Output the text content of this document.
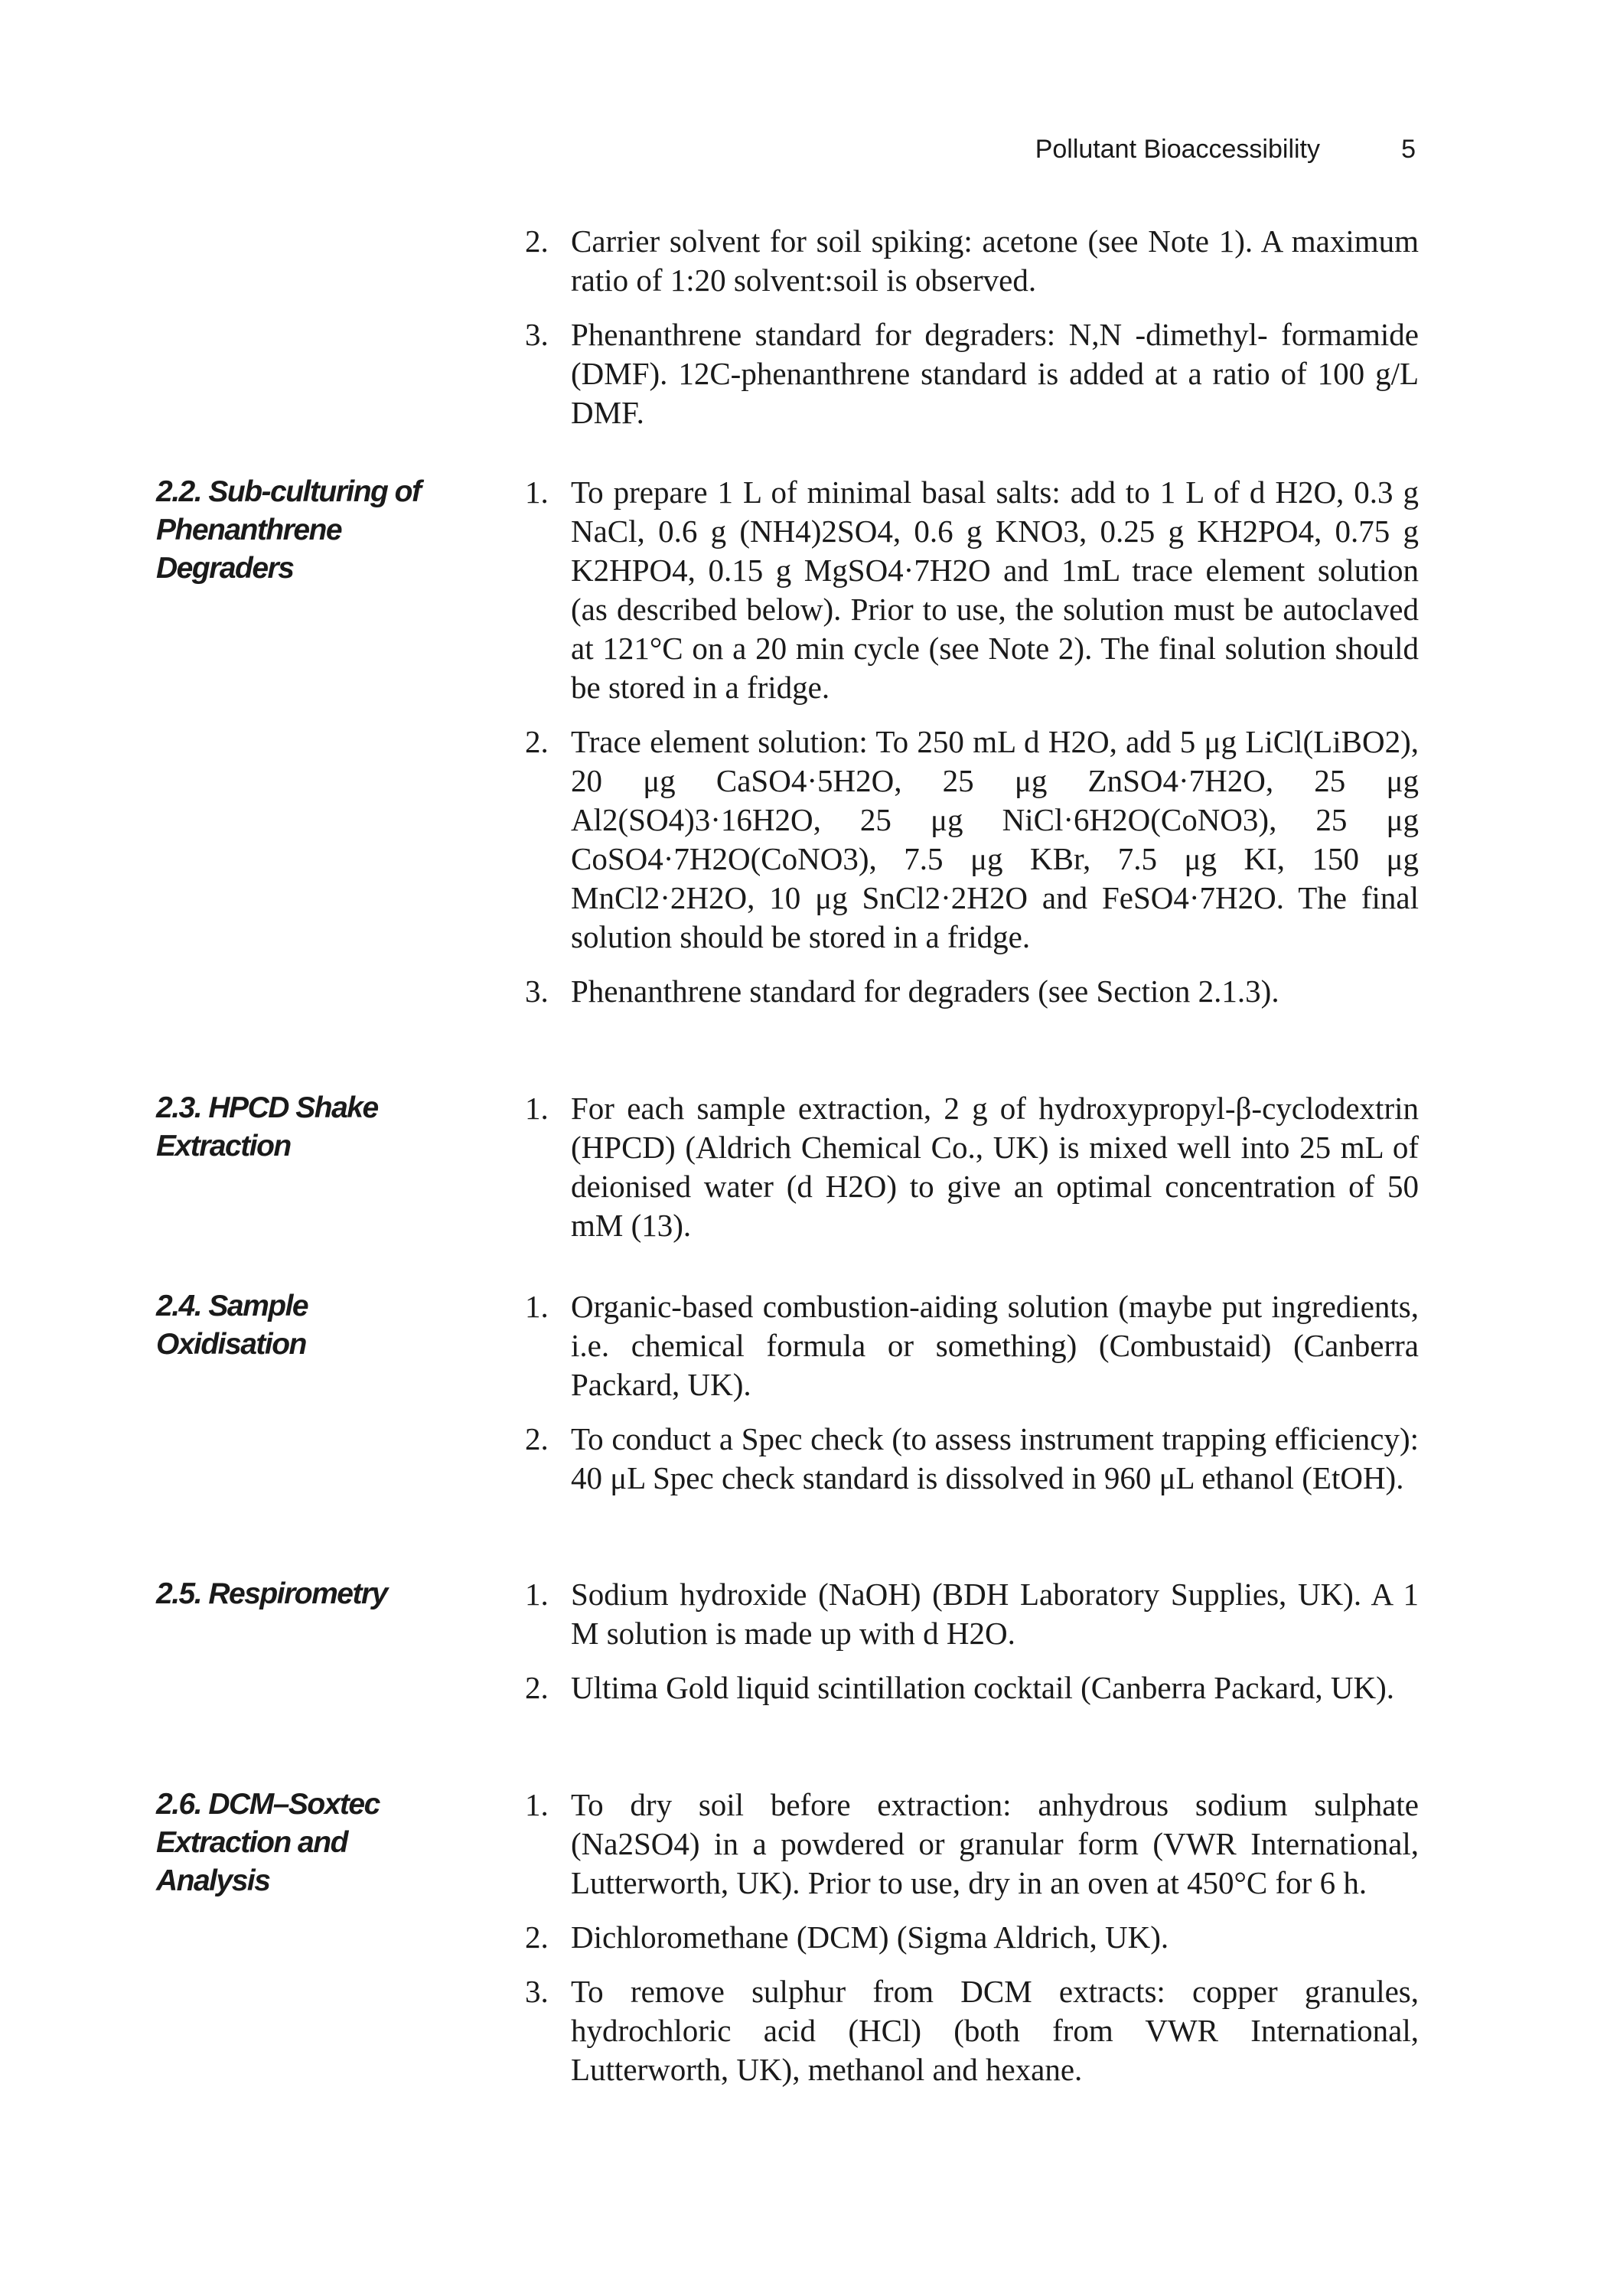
Pollutant Bioaccessibility	5
2. Carrier solvent for soil spiking: acetone (see Note 1). A maximum ratio of 1:20 solvent:soil is observed.
3. Phenanthrene standard for degraders: N,N -dimethyl- formamide (DMF). 12C-phenanthrene standard is added at a ratio of 100 g/L DMF.
2.2. Sub-culturing of Phenanthrene Degraders
1. To prepare 1 L of minimal basal salts: add to 1 L of d H2O, 0.3 g NaCl, 0.6 g (NH4)2SO4, 0.6 g KNO3, 0.25 g KH2PO4, 0.75 g K2HPO4, 0.15 g MgSO4·7H2O and 1mL trace element solution (as described below). Prior to use, the solution must be autoclaved at 121°C on a 20 min cycle (see Note 2). The final solution should be stored in a fridge.
2. Trace element solution: To 250 mL d H2O, add 5 μg LiCl(LiBO2), 20 μg CaSO4·5H2O, 25 μg ZnSO4·7H2O, 25 μg Al2(SO4)3·16H2O, 25 μg NiCl·6H2O(CoNO3), 25 μg CoSO4·7H2O(CoNO3), 7.5 μg KBr, 7.5 μg KI, 150 μg MnCl2·2H2O, 10 μg SnCl2·2H2O and FeSO4·7H2O. The final solution should be stored in a fridge.
3. Phenanthrene standard for degraders (see Section 2.1.3).
2.3. HPCD Shake Extraction
1. For each sample extraction, 2 g of hydroxypropyl-β-cyclodextrin (HPCD) (Aldrich Chemical Co., UK) is mixed well into 25 mL of deionised water (d H2O) to give an optimal concentration of 50 mM (13).
2.4. Sample Oxidisation
1. Organic-based combustion-aiding solution (maybe put ingredients, i.e. chemical formula or something) (Combustaid) (Canberra Packard, UK).
2. To conduct a Spec check (to assess instrument trapping efficiency): 40 μL Spec check standard is dissolved in 960 μL ethanol (EtOH).
2.5. Respirometry	1. Sodium hydroxide (NaOH) (BDH Laboratory Supplies, UK). A 1 M solution is made up with d H2O.
2. Ultima Gold liquid scintillation cocktail (Canberra Packard, UK).
2.6. DCM–Soxtec Extraction and Analysis
1. To dry soil before extraction: anhydrous sodium sulphate (Na2SO4) in a powdered or granular form (VWR International, Lutterworth, UK). Prior to use, dry in an oven at 450°C for 6 h.
2. Dichloromethane (DCM) (Sigma Aldrich, UK).
3. To remove sulphur from DCM extracts: copper granules, hydrochloric acid (HCl) (both from VWR International, Lutterworth, UK), methanol and hexane.
